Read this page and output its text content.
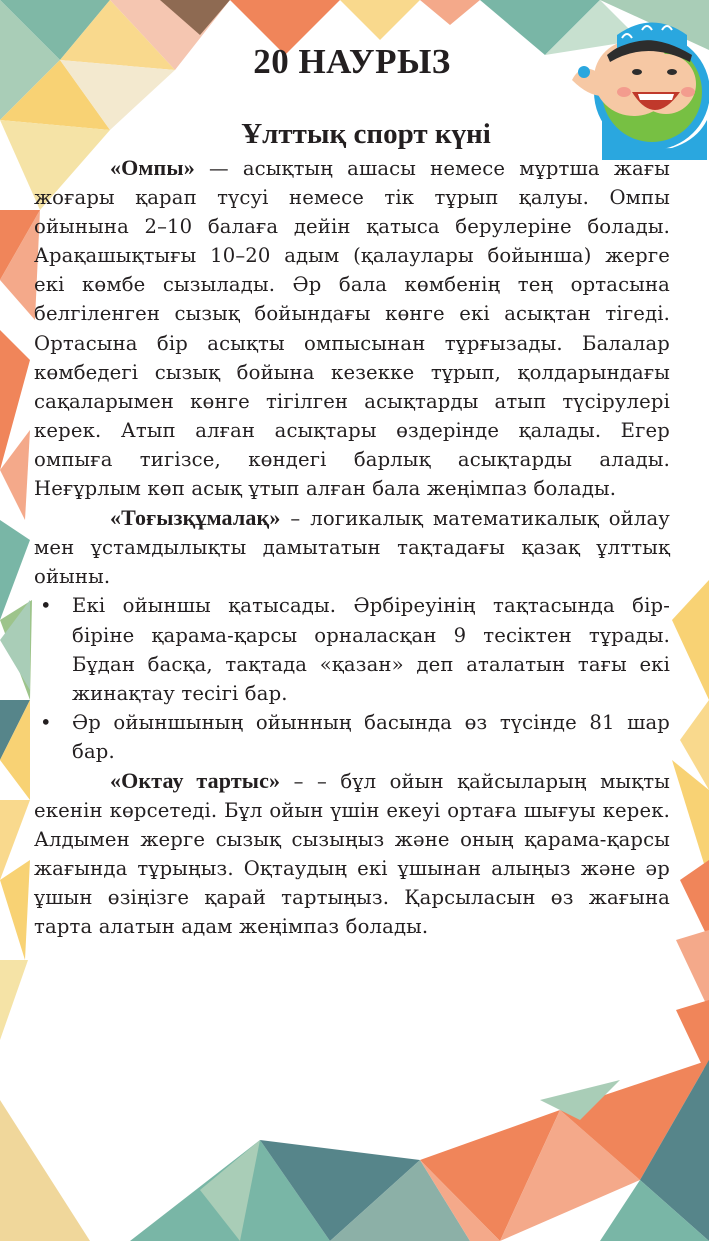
20 НАУРЫЗ
Ұлттық спорт күні

«Омпы» — асықтың ашасы немесе мұртша жағы жоғары қарап түсуі немесе тік тұрып қалуы. Омпы ойынына 2–10 балаға дейін қатыса берулеріне болады. Арақашықтығы 10–20 адым (қалаулары бойынша) жерге екі көмбе сызылады. Әр бала көмбенің тең ортасына белгіленген сызық бойындағы көнге екі асықтан тігеді. Ортасына бір асықты омпысынан тұрғызады. Балалар көмбедегі сызық бойына кезекке тұрып, қолдарындағы сақаларымен көнге тігілген асықтарды атып түсірулері керек. Атып алған асықтары өздерінде қалады. Егер омпыға тигізсе, көндегі барлық асықтарды алады. Неғұрлым көп асық ұтып алған бала жеңімпаз болады.

«Тоғызқұмалақ» – логикалық математикалық ойлау мен ұстамдылықты дамытатын тақтадағы қазақ ұлттық ойыны.

• Екі ойыншы қатысады. Әрбіреуінің тақтасында бір-біріне қарама-қарсы орналасқан 9 тесіктен тұрады. Бұдан басқа, тақтада «қазан» деп аталатын тағы екі жинақтау тесігі бар.
• Әр ойыншының ойынның басында өз түсінде 81 шар бар.

«Октау тартыс» – – бұл ойын қайсыларың мықты екенін көрсетеді. Бұл ойын үшін екеуі ортаға шығуы керек. Алдымен жерге сызық сызыңыз және оның қарама-қарсы жағында тұрыңыз. Оқтаудың екі ұшынан алыңыз және әр ұшын өзіңізге қарай тартыңыз. Қарсыласын өз жағына тарта алатын адам жеңімпаз болады.
